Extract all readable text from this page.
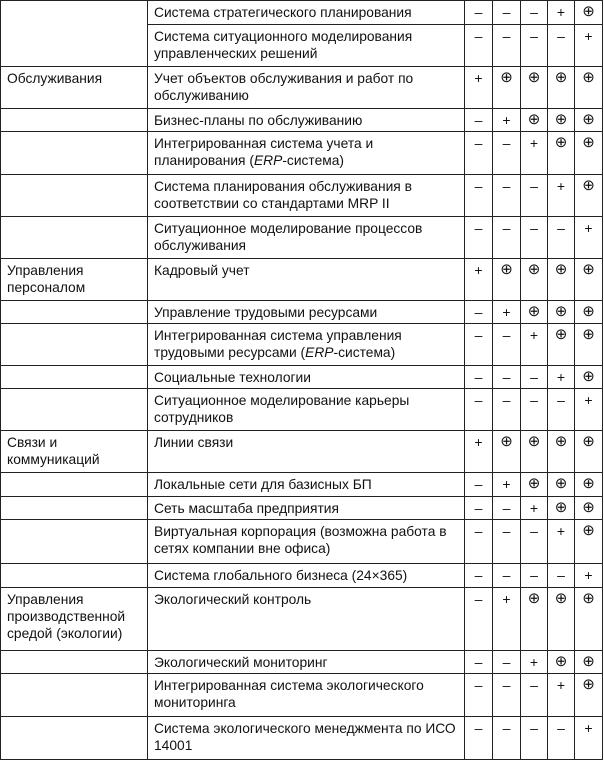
	Система стратегического планирования	–	–	–	+	⊕
	Система ситуационного моделирования управленческих решений	–	–	–	–	+
Обслуживания	Учет объектов обслуживания и работ по обслуживанию	+	⊕	⊕	⊕	⊕
	Бизнес-планы по обслуживанию	–	+	⊕	⊕	⊕
	Интегрированная система учета и планирования (ERP-система)	–	–	+	⊕	⊕
	Система планирования обслуживания в соответствии со стандартами MRP II	–	–	–	+	⊕
	Ситуационное моделирование процессов обслуживания	–	–	–	–	+
Управления персоналом	Кадровый учет	+	⊕	⊕	⊕	⊕
	Управление трудовыми ресурсами	–	+	⊕	⊕	⊕
	Интегрированная система управления трудовыми ресурсами (ERP-система)	–	–	+	⊕	⊕
	Социальные технологии	–	–	–	+	⊕
	Ситуационное моделирование карьеры сотрудников	–	–	–	–	+
Связи и коммуникаций	Линии связи	+	⊕	⊕	⊕	⊕
	Локальные сети для базисных БП	–	+	⊕	⊕	⊕
	Сеть масштаба предприятия	–	–	+	⊕	⊕
	Виртуальная корпорация (возможна работа в сетях компании вне офиса)	–	–	–	+	⊕
	Система глобального бизнеса (24×365)	–	–	–	–	+
Управления производственной средой (экологии)	Экологический контроль	–	+	⊕	⊕	⊕
	Экологический мониторинг	–	–	+	⊕	⊕
	Интегрированная система экологического мониторинга	–	–	–	+	⊕
	Система экологического менеджмента по ИСО 14001	–	–	–	–	+
